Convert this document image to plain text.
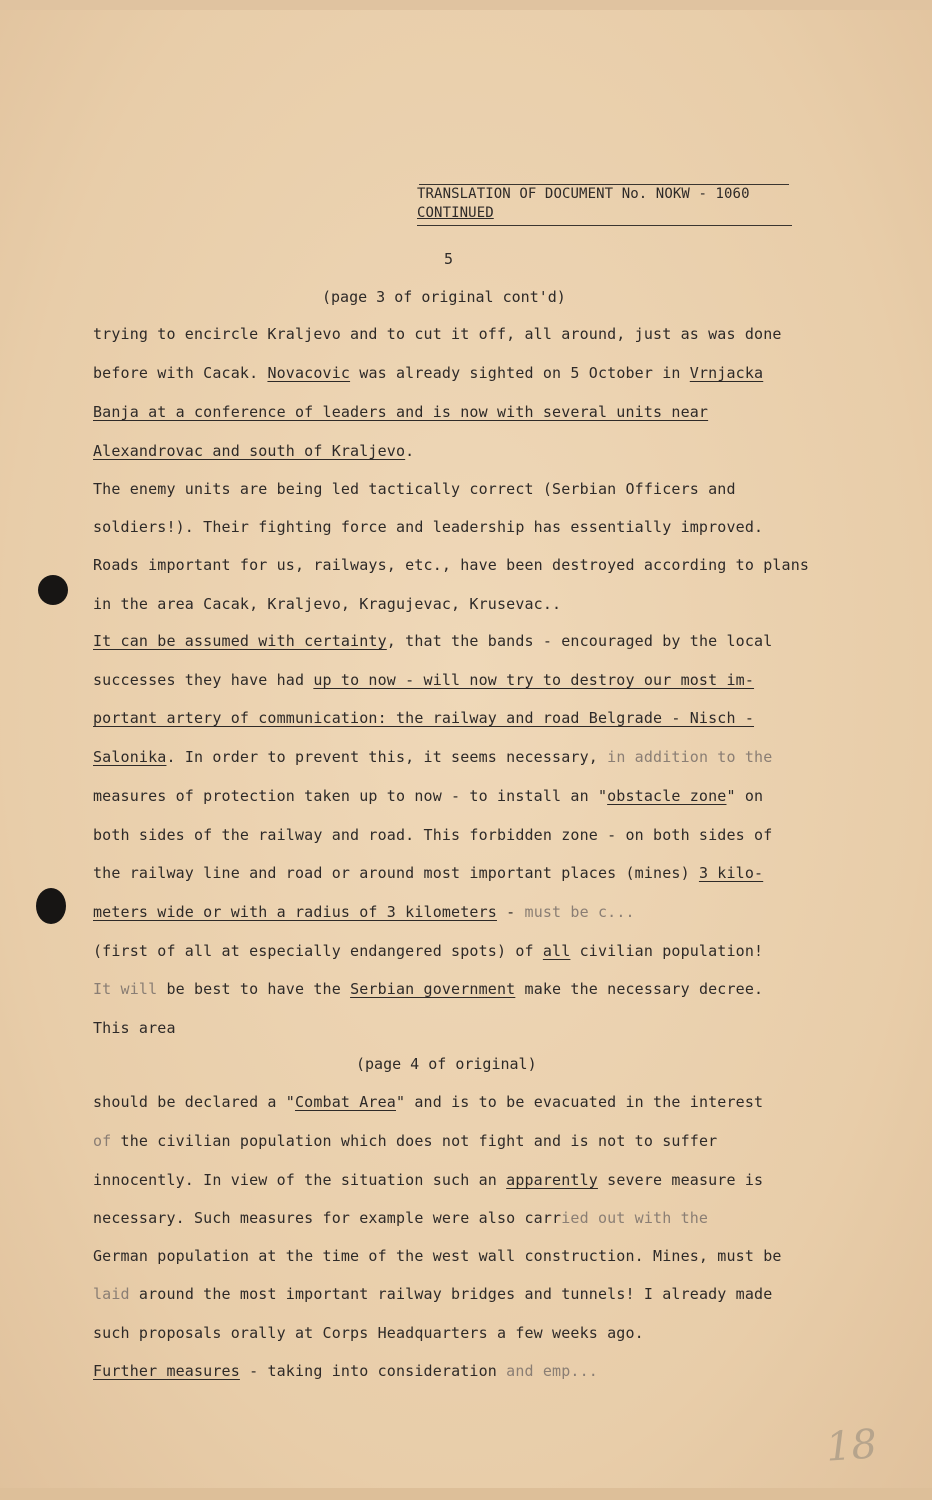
TRANSLATION OF DOCUMENT No. NOKW - 1060
CONTINUED
5
(page 3 of original cont'd)
(page 4 of original)
trying to encircle Kraljevo and to cut it off, all around, just as was done
before with Cacak. Novacovic was already sighted on 5 October in Vrnjacka
Banja at a conference of leaders and is now with several units near
Alexandrovac and south of Kraljevo.
The enemy units are being led tactically correct (Serbian Officers and
soldiers!). Their fighting force and leadership has essentially improved.
Roads important for us, railways, etc., have been destroyed according to plans
in the area Cacak, Kraljevo, Kragujevac, Krusevac..
It can be assumed with certainty, that the bands - encouraged by the local
successes they have had up to now - will now try to destroy our most im-
portant artery of communication: the railway and road Belgrade - Nisch -
Salonika. In order to prevent this, it seems necessary, in addition to the
measures of protection taken up to now - to install an "obstacle zone" on
both sides of the railway and road. This forbidden zone - on both sides of
the railway line and road or around most important places (mines) 3 kilo-
meters wide or with a radius of 3 kilometers - must be c...
(first of all at especially endangered spots) of all civilian population!
It will be best to have the Serbian government make the necessary decree.
This area
should be declared a "Combat Area" and is to be evacuated in the interest
of the civilian population which does not fight and is not to suffer
innocently. In view of the situation such an apparently severe measure is
necessary. Such measures for example were also carried out with the
German population at the time of the west wall construction. Mines, must be
laid around the most important railway bridges and tunnels! I already made
such proposals orally at Corps Headquarters a few weeks ago.
Further measures - taking into consideration and emp...
18
